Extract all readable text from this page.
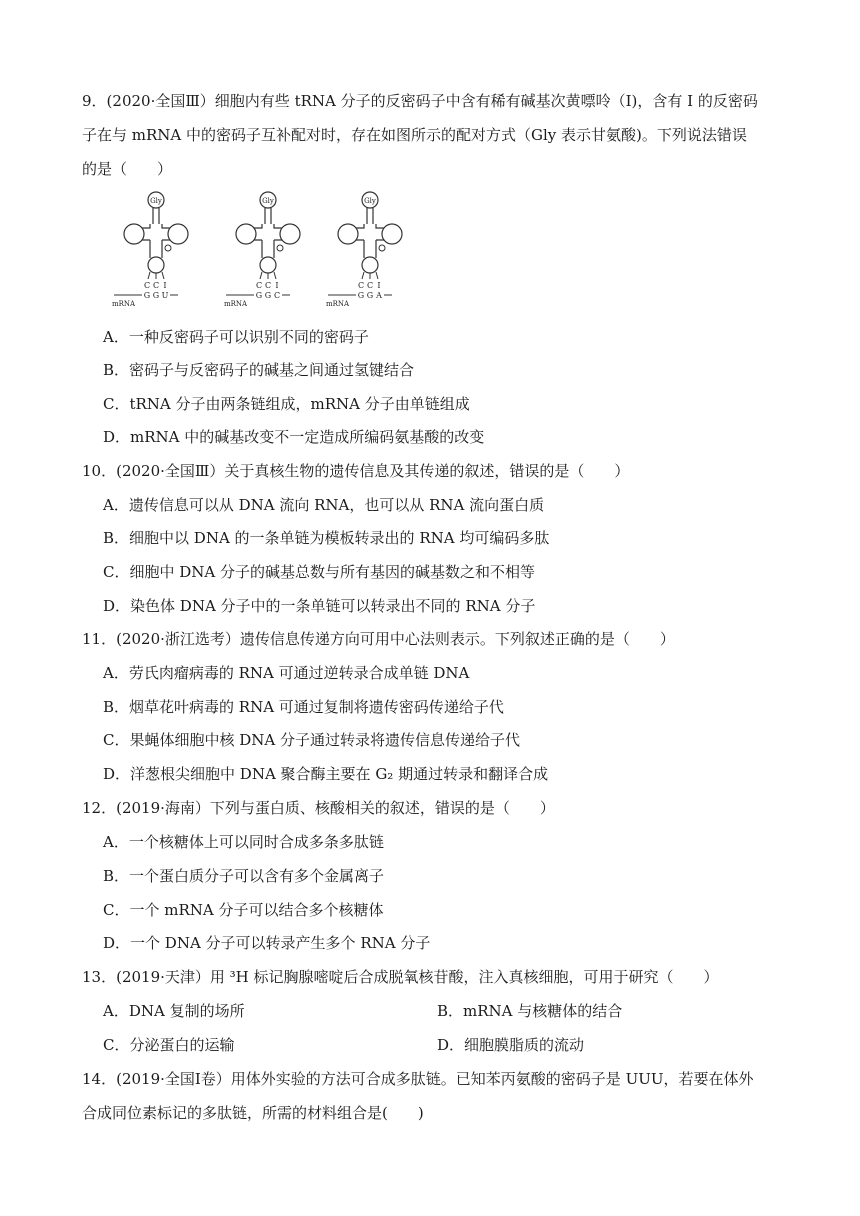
9．(2020·全国Ⅲ）细胞内有些 tRNA 分子的反密码子中含有稀有碱基次黄嘌呤（I)，含有 I 的反密码
子在与 mRNA 中的密码子互补配对时，存在如图所示的配对方式（Gly 表示甘氨酸)。下列说法错误
的是（　　）
Gly
C C I
G G U
mRNA
Gly
C C I
G G C
mRNA
Gly
C C I
G G A
mRNA
A．一种反密码子可以识别不同的密码子
B．密码子与反密码子的碱基之间通过氢键结合
C．tRNA 分子由两条链组成，mRNA 分子由单链组成
D．mRNA 中的碱基改变不一定造成所编码氨基酸的改变
10．(2020·全国Ⅲ）关于真核生物的遗传信息及其传递的叙述，错误的是（　　）
A．遗传信息可以从 DNA 流向 RNA，也可以从 RNA 流向蛋白质
B．细胞中以 DNA 的一条单链为模板转录出的 RNA 均可编码多肽
C．细胞中 DNA 分子的碱基总数与所有基因的碱基数之和不相等
D．染色体 DNA 分子中的一条单链可以转录出不同的 RNA 分子
11．(2020·浙江选考）遗传信息传递方向可用中心法则表示。下列叙述正确的是（　　）
A．劳氏肉瘤病毒的 RNA 可通过逆转录合成单链 DNA
B．烟草花叶病毒的 RNA 可通过复制将遗传密码传递给子代
C．果蝇体细胞中核 DNA 分子通过转录将遗传信息传递给子代
D．洋葱根尖细胞中 DNA 聚合酶主要在 G₂ 期通过转录和翻译合成
12．(2019·海南）下列与蛋白质、核酸相关的叙述，错误的是（　　）
A．一个核糖体上可以同时合成多条多肽链
B．一个蛋白质分子可以含有多个金属离子
C．一个 mRNA 分子可以结合多个核糖体
D．一个 DNA 分子可以转录产生多个 RNA 分子
13．(2019·天津）用 ³H 标记胸腺嘧啶后合成脱氧核苷酸，注入真核细胞，可用于研究（　　）
A．DNA 复制的场所	B．mRNA 与核糖体的结合
C．分泌蛋白的运输	D．细胞膜脂质的流动
14．(2019·全国Ⅰ卷）用体外实验的方法可合成多肽链。已知苯丙氨酸的密码子是 UUU，若要在体外
合成同位素标记的多肽链，所需的材料组合是(　　)
